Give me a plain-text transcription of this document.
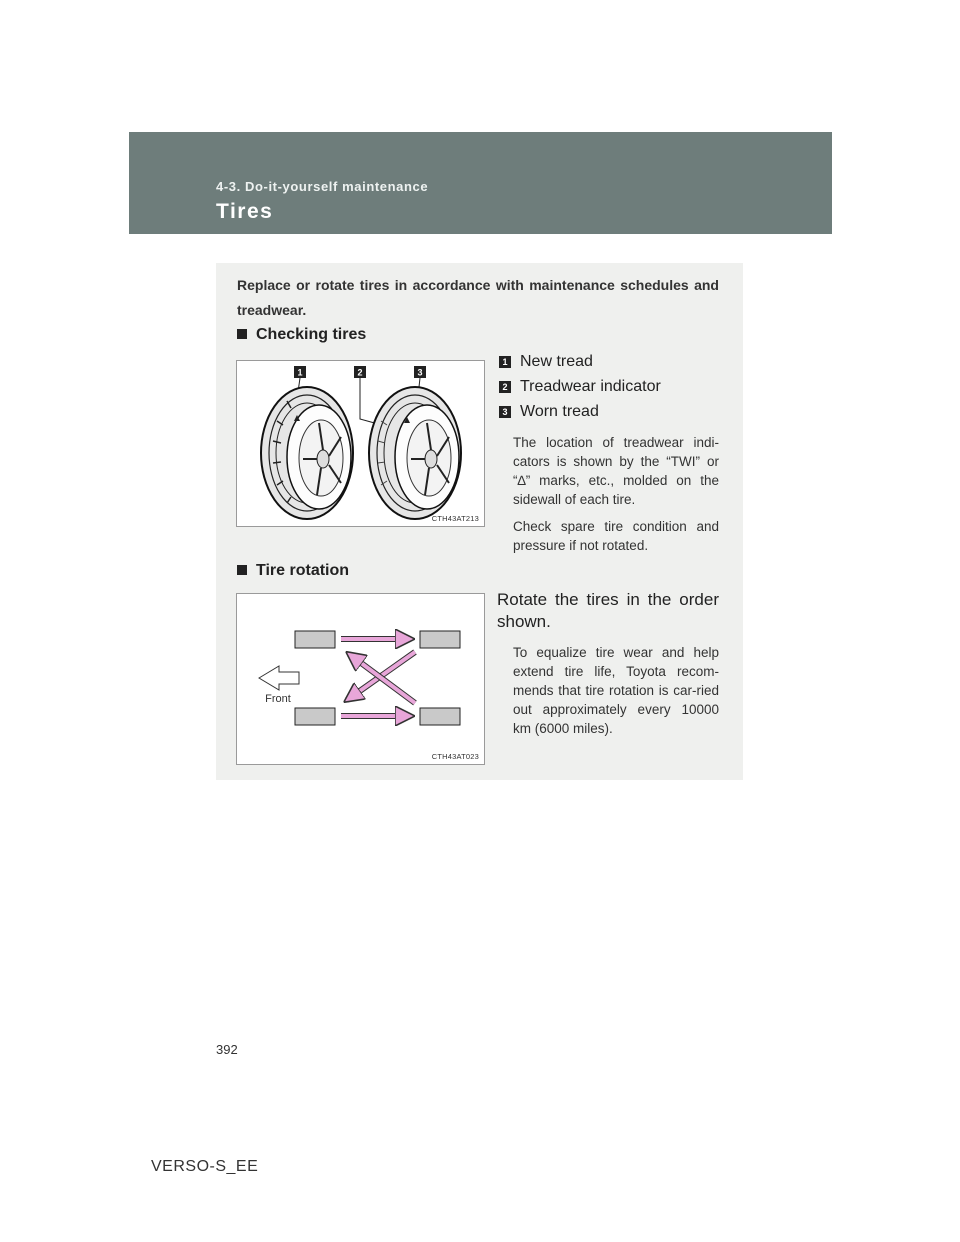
4-3. Do-it-yourself maintenance
Tires
Replace or rotate tires in accordance with maintenance schedules and treadwear.
Checking tires
1	2	3
CTH43AT213
1 New tread
2 Treadwear indicator
3 Worn tread
The location of treadwear indi-cators is shown by the “TWI” or “∆” marks, etc., molded on the sidewall of each tire.
Check spare tire condition and pressure if not rotated.
Tire rotation
Front
CTH43AT023
Rotate the tires in the order shown.
To equalize tire wear and help extend tire life, Toyota recom-mends that tire rotation is car-ried out approximately every 10000 km (6000 miles).
392
VERSO-S_EE
